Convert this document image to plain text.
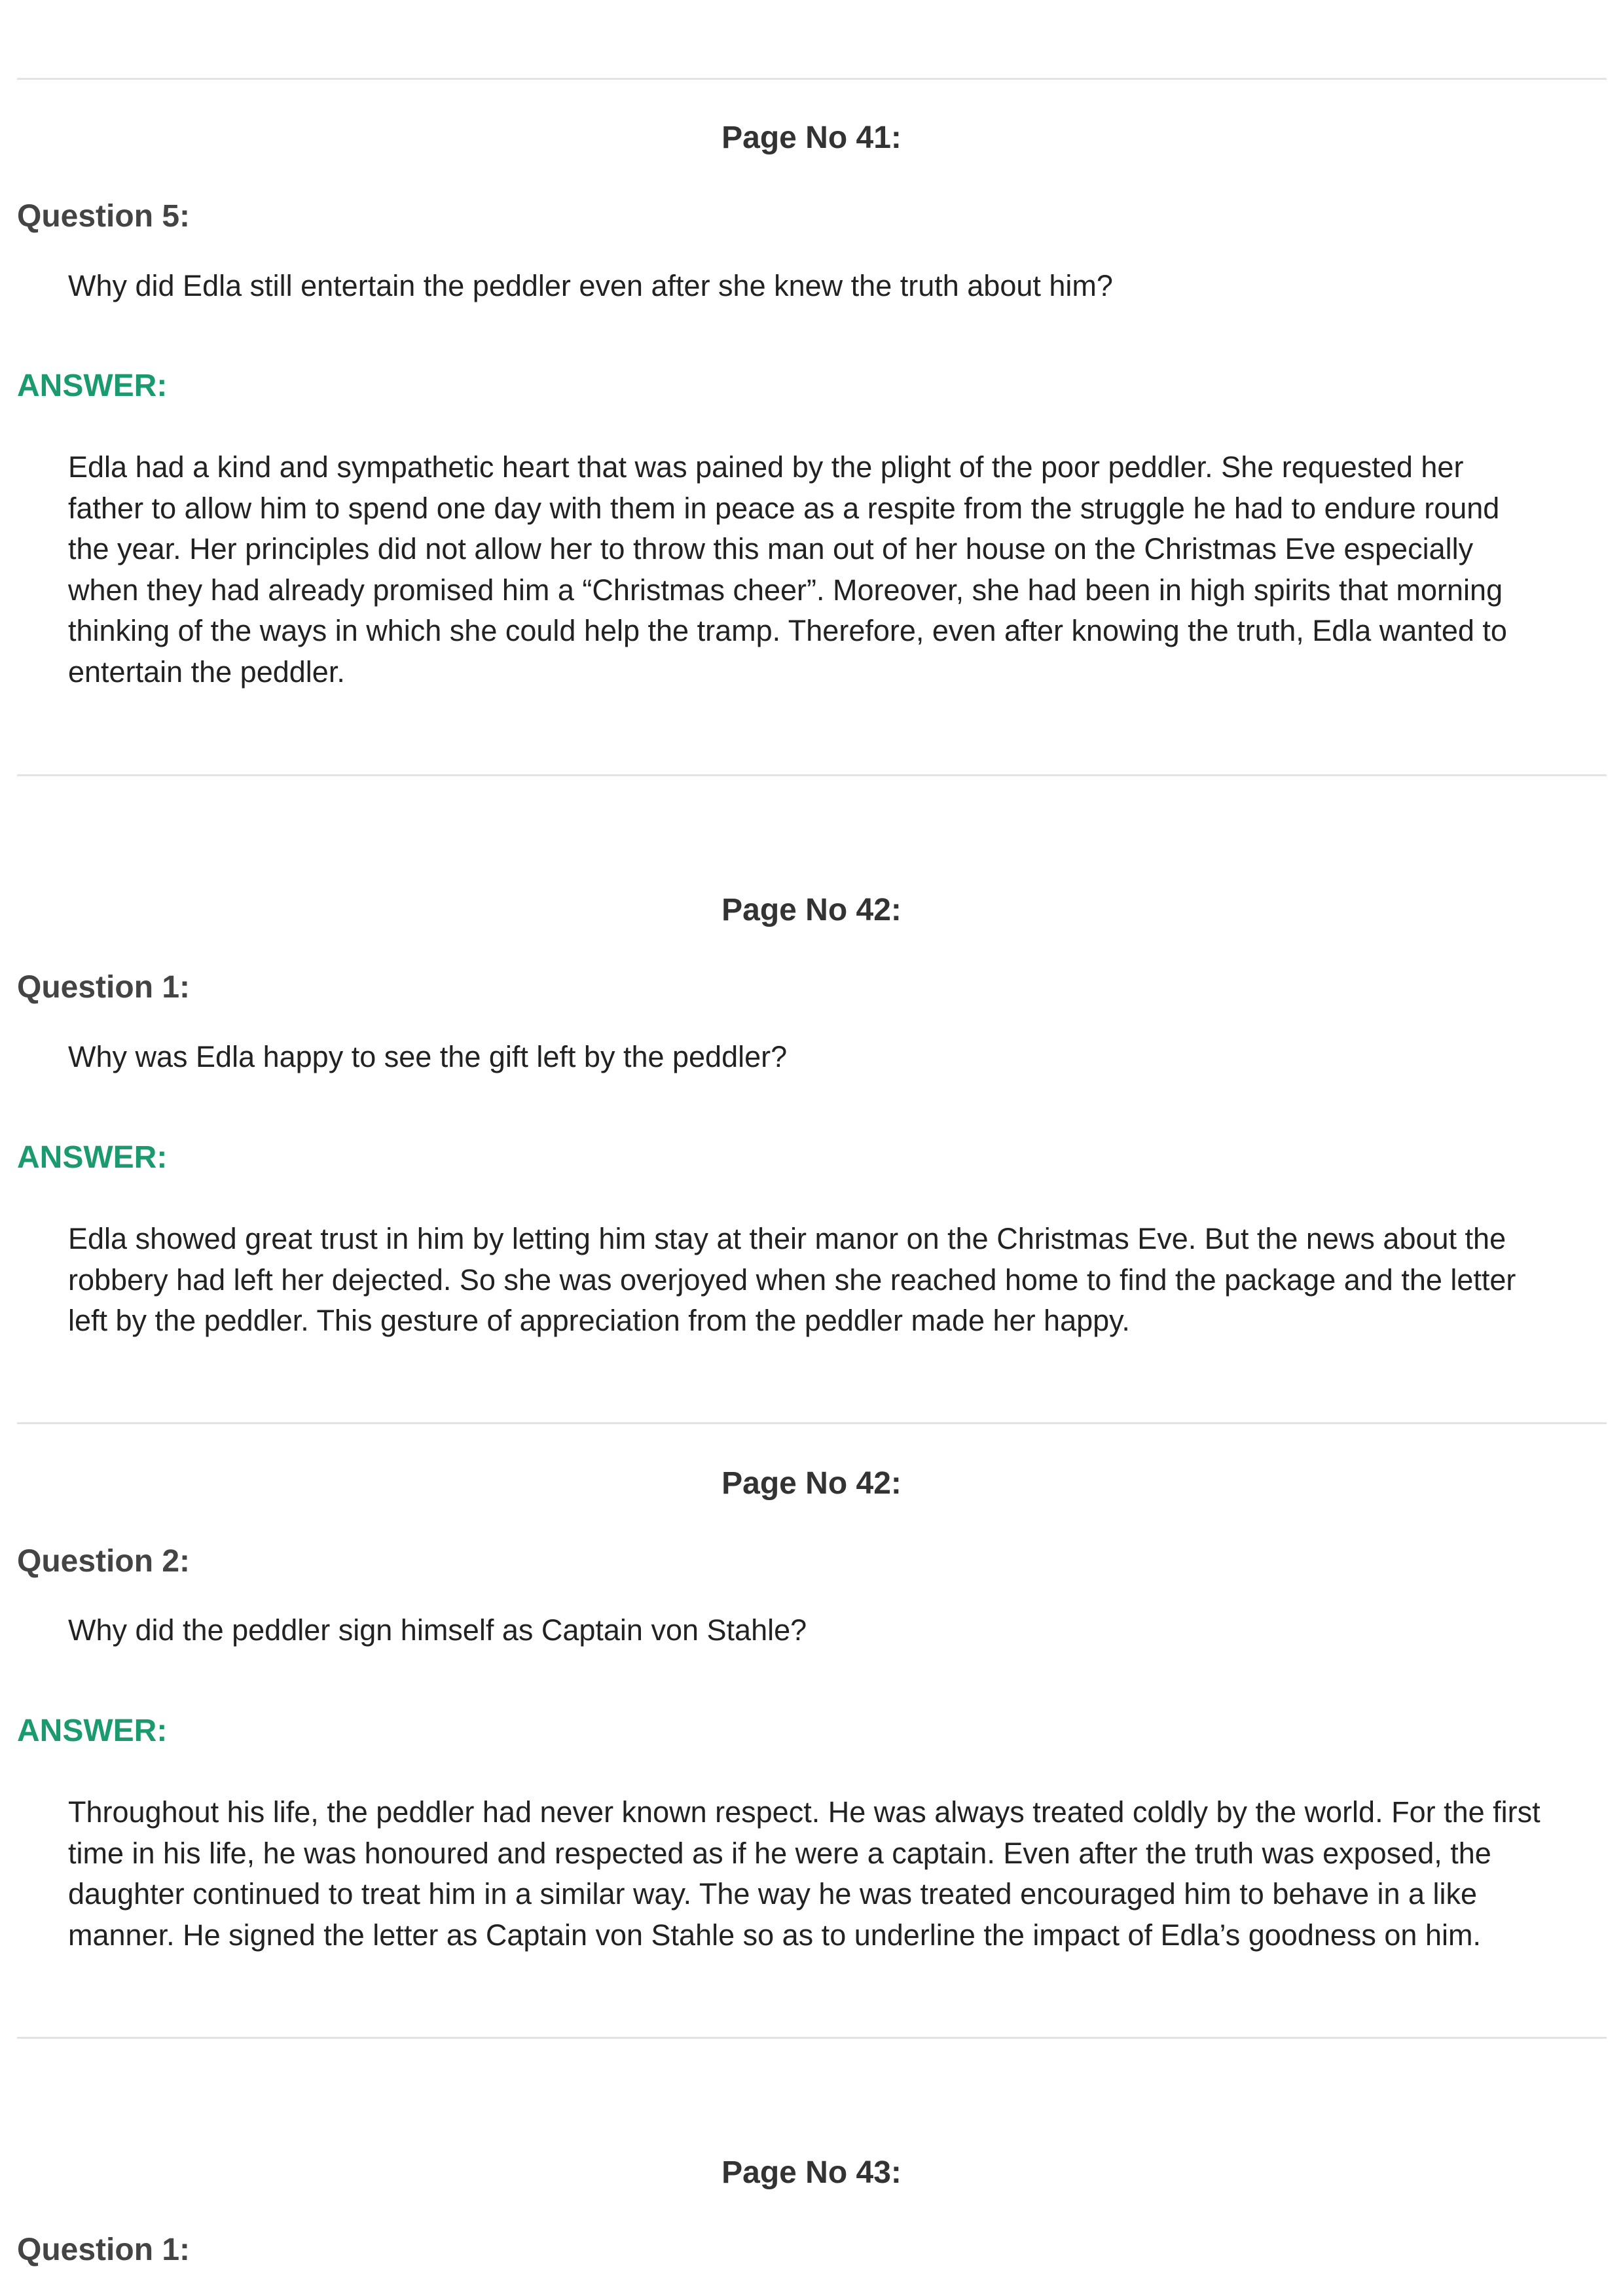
Page No 41:
Question 5:
Why did Edla still entertain the peddler even after she knew the truth about him?
ANSWER:
Edla had a kind and sympathetic heart that was pained by the plight of the poor peddler. She requested her
father to allow him to spend one day with them in peace as a respite from the struggle he had to endure round
the year. Her principles did not allow her to throw this man out of her house on the Christmas Eve especially
when they had already promised him a “Christmas cheer”. Moreover, she had been in high spirits that morning
thinking of the ways in which she could help the tramp. Therefore, even after knowing the truth, Edla wanted to
entertain the peddler.
Page No 42:
Question 1:
Why was Edla happy to see the gift left by the peddler?
ANSWER:
Edla showed great trust in him by letting him stay at their manor on the Christmas Eve. But the news about the
robbery had left her dejected. So she was overjoyed when she reached home to find the package and the letter
left by the peddler. This gesture of appreciation from the peddler made her happy.
Page No 42:
Question 2:
Why did the peddler sign himself as Captain von Stahle?
ANSWER:
Throughout his life, the peddler had never known respect. He was always treated coldly by the world. For the first
time in his life, he was honoured and respected as if he were a captain. Even after the truth was exposed, the
daughter continued to treat him in a similar way. The way he was treated encouraged him to behave in a like
manner. He signed the letter as Captain von Stahle so as to underline the impact of Edla’s goodness on him.
Page No 43:
Question 1:
